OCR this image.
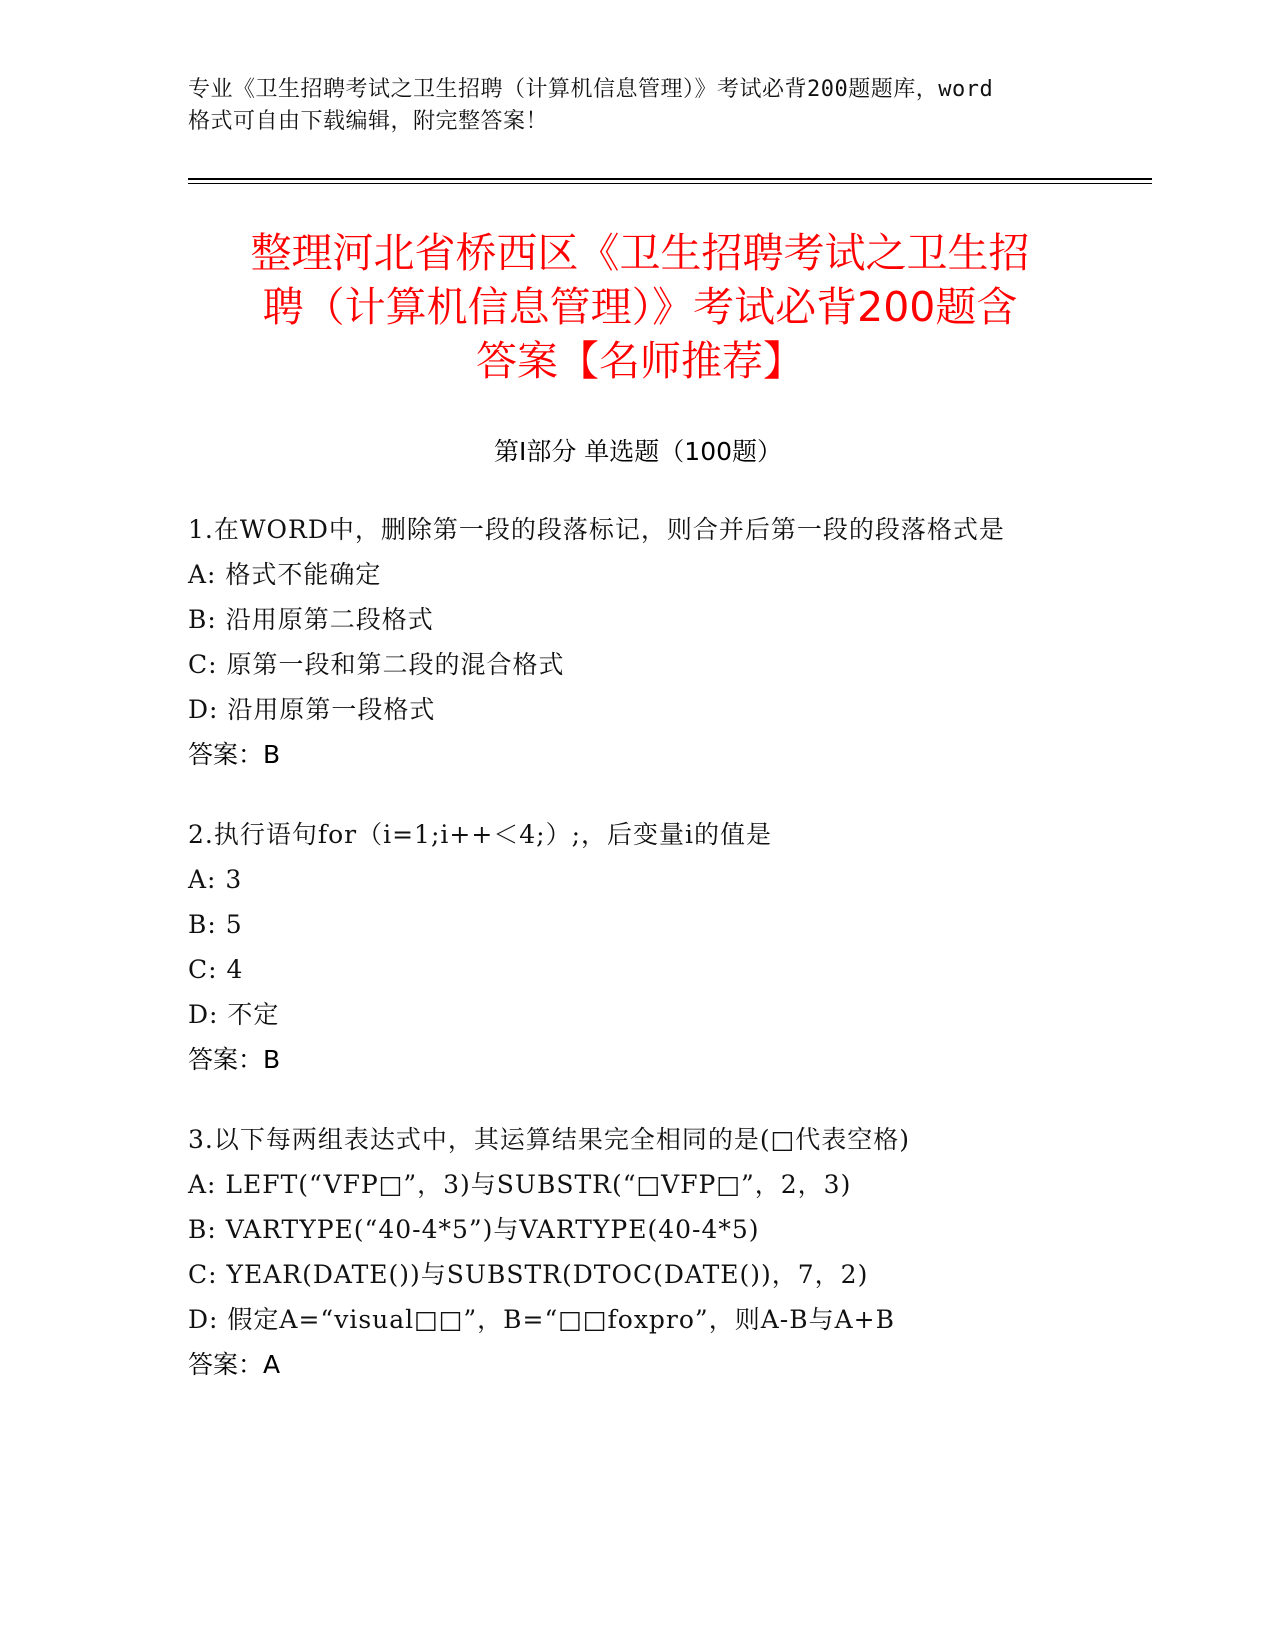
专业《卫生招聘考试之卫生招聘（计算机信息管理）》考试必背200题题库，word
格式可自由下载编辑，附完整答案！
整理河北省桥西区《卫生招聘考试之卫生招
聘（计算机信息管理）》考试必背200题含
答案【名师推荐】
第Ⅰ部分 单选题（100题）
1.在WORD中，删除第一段的段落标记，则合并后第一段的段落格式是
A: 格式不能确定
B: 沿用原第二段格式
C: 原第一段和第二段的混合格式
D: 沿用原第一段格式
答案：B
2.执行语句for（i=1;i++＜4;）;，后变量i的值是
A: 3
B: 5
C: 4
D: 不定
答案：B
3.以下每两组表达式中，其运算结果完全相同的是(□代表空格)
A: LEFT(“VFP□”，3)与SUBSTR(“□VFP□”，2，3)
B: VARTYPE(“40-4*5”)与VARTYPE(40-4*5)
C: YEAR(DATE())与SUBSTR(DTOC(DATE())，7，2)
D: 假定A=“visual□□”，B=“□□foxpro”，则A-B与A+B
答案：A
